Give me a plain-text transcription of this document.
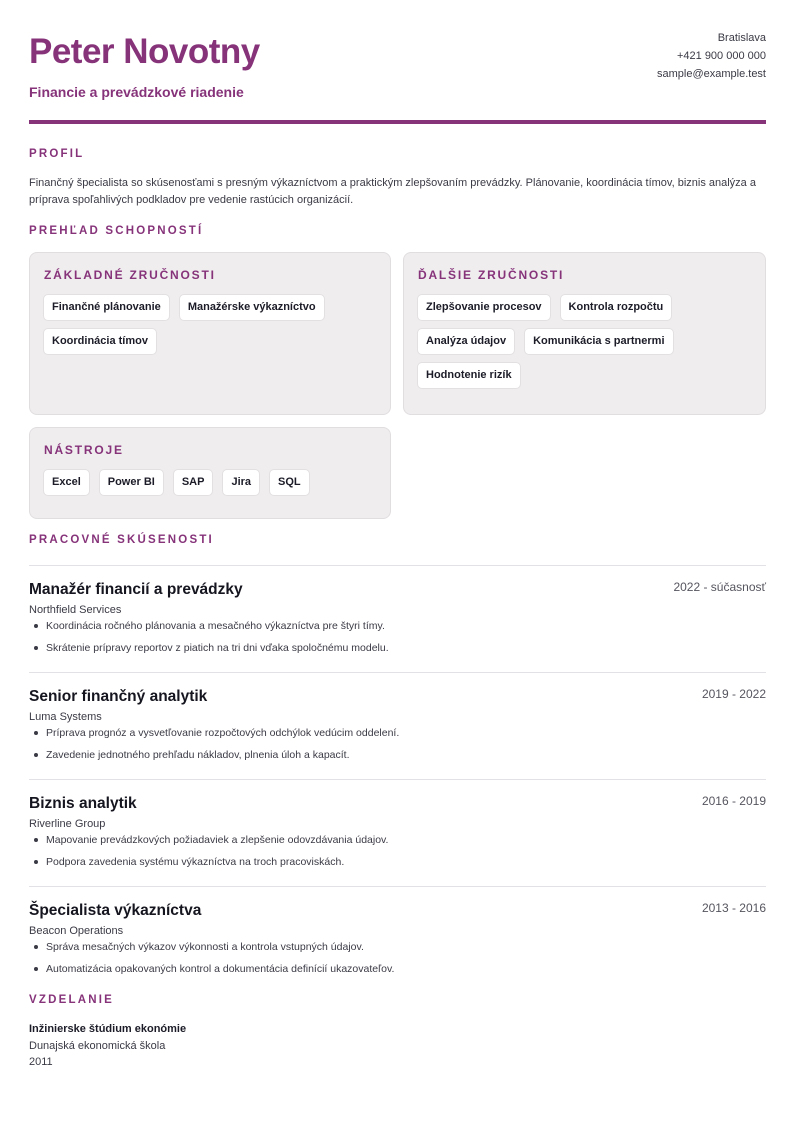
Peter Novotny
Financie a prevádzkové riadenie
Bratislava
+421 900 000 000
sample@example.test
PROFIL
Finančný špecialista so skúsenosťami s presným výkazníctvom a praktickým zlepšovaním prevádzky. Plánovanie, koordinácia tímov, biznis analýza a príprava spoľahlivých podkladov pre vedenie rastúcich organizácií.
PREHĽAD SCHOPNOSTÍ
ZÁKLADNÉ ZRUČNOSTI
Finančné plánovanie	Manažérske výkazníctvo
Koordinácia tímov
ĎALŠIE ZRUČNOSTI
Zlepšovanie procesov	Kontrola rozpočtu
Analýza údajov	Komunikácia s partnermi
Hodnotenie rizík
NÁSTROJE
Excel	Power BI	SAP	Jira	SQL
PRACOVNÉ SKÚSENOSTI
Manažér financií a prevádzky	2022 - súčasnosť
Northfield Services
Koordinácia ročného plánovania a mesačného výkazníctva pre štyri tímy.
Skrátenie prípravy reportov z piatich na tri dni vďaka spoločnému modelu.
Senior finančný analytik	2019 - 2022
Luma Systems
Príprava prognóz a vysvetľovanie rozpočtových odchýlok vedúcim oddelení.
Zavedenie jednotného prehľadu nákladov, plnenia úloh a kapacít.
Biznis analytik	2016 - 2019
Riverline Group
Mapovanie prevádzkových požiadaviek a zlepšenie odovzdávania údajov.
Podpora zavedenia systému výkazníctva na troch pracoviskách.
Špecialista výkazníctva	2013 - 2016
Beacon Operations
Správa mesačných výkazov výkonnosti a kontrola vstupných údajov.
Automatizácia opakovaných kontrol a dokumentácia definícií ukazovateľov.
VZDELANIE
Inžinierske štúdium ekonómie
Dunajská ekonomická škola
2011
